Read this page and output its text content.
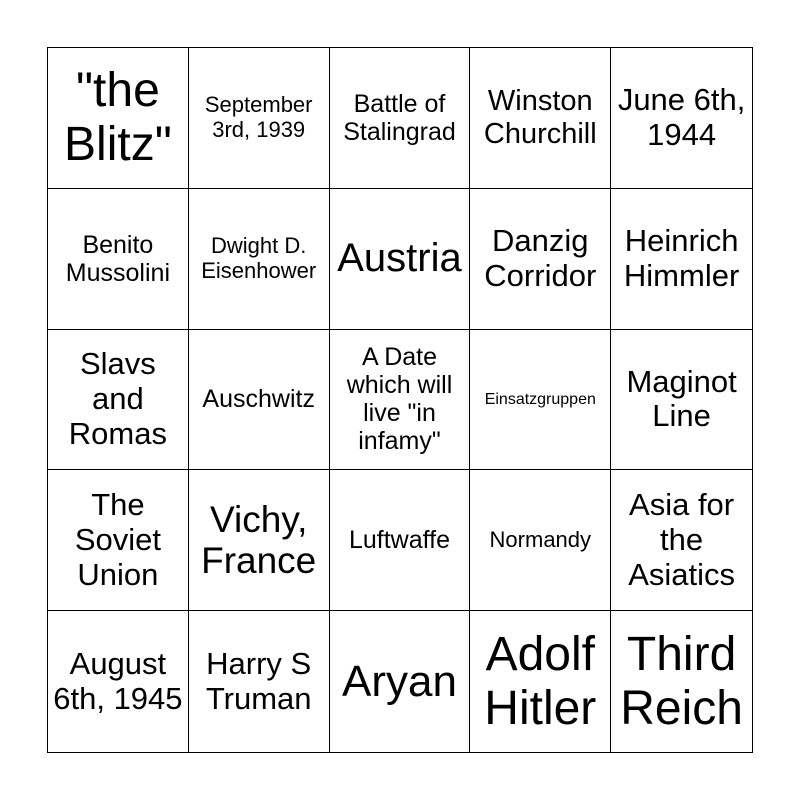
"the Blitz"
September 3rd, 1939
Battle of Stalingrad
Winston Churchill
June 6th, 1944
Benito Mussolini
Dwight D. Eisenhower Austria Danzig Corridor
Heinrich Himmler
Slavs and Romas
Auschwitz
A Date which will live "in infamy"
Einsatzgruppen
Maginot Line
The Soviet Union
Vichy, France	Luftwaffe Normandy
Asia for the Asiatics
August 6th, 1945
Harry S Truman Aryan
Adolf Hitler
Third Reich
